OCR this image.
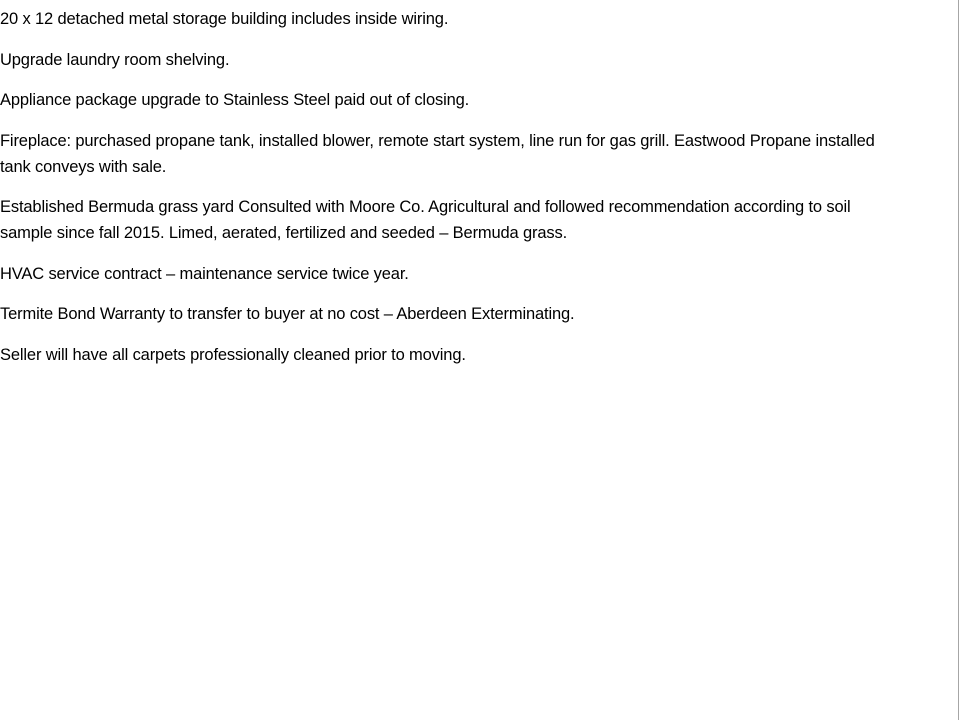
20 x 12 detached metal storage building includes inside wiring.

Upgrade laundry room shelving.

Appliance package upgrade to Stainless Steel paid out of closing.

Fireplace: purchased propane tank, installed blower, remote start system, line run for gas grill. Eastwood Propane installed tank conveys with sale.

Established Bermuda grass yard Consulted with Moore Co. Agricultural and followed recommendation according to soil sample since fall 2015. Limed, aerated, fertilized and seeded – Bermuda grass.

HVAC service contract – maintenance service twice year.

Termite Bond Warranty to transfer to buyer at no cost – Aberdeen Exterminating.

Seller will have all carpets professionally cleaned prior to moving.
